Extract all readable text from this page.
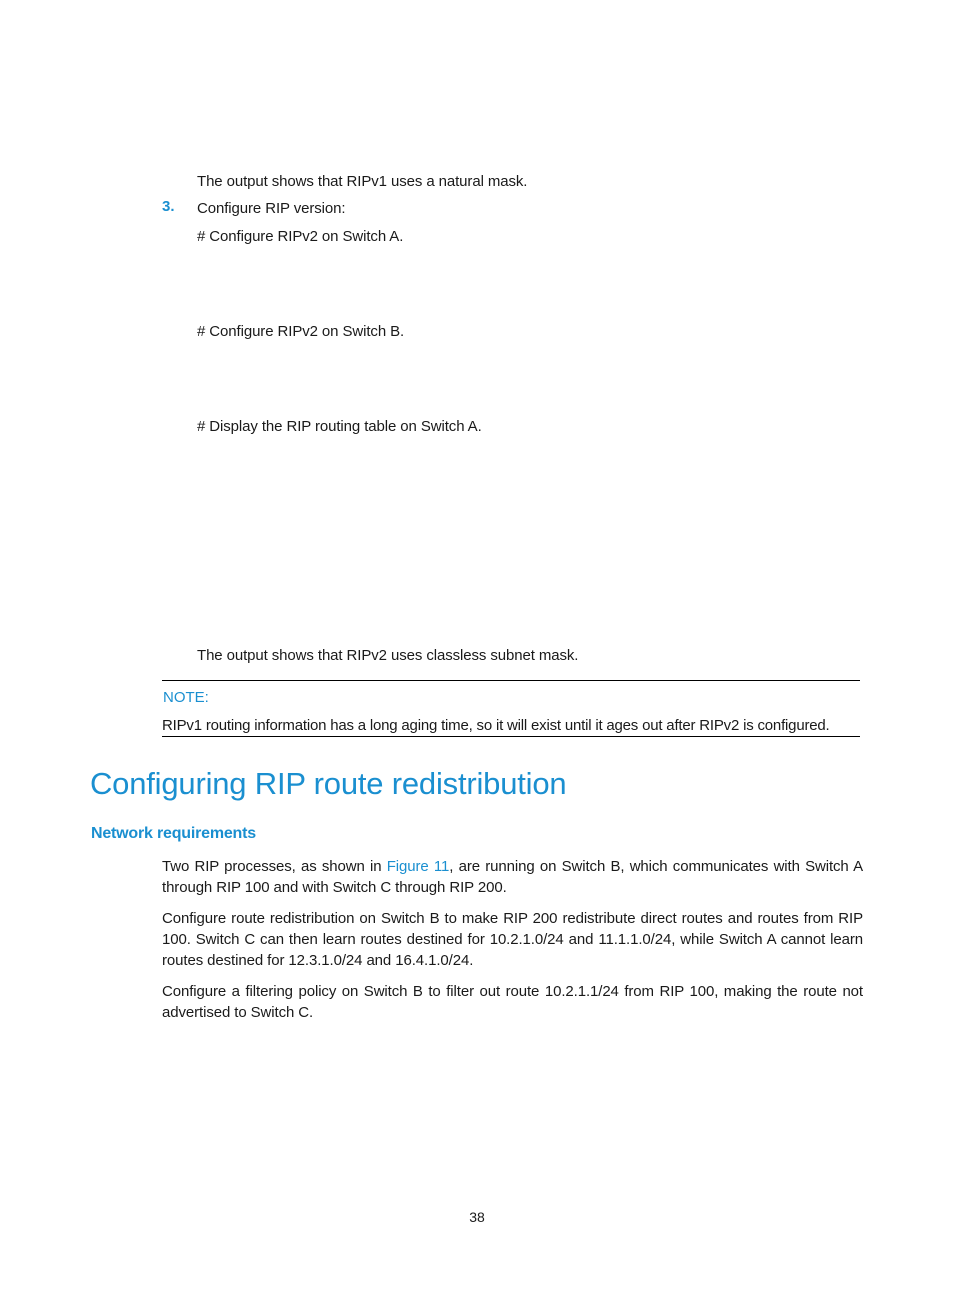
The output shows that RIPv1 uses a natural mask.
3. Configure RIP version:
# Configure RIPv2 on Switch A.
# Configure RIPv2 on Switch B.
# Display the RIP routing table on Switch A.
The output shows that RIPv2 uses classless subnet mask.
NOTE:
RIPv1 routing information has a long aging time, so it will exist until it ages out after RIPv2 is configured.
Configuring RIP route redistribution
Network requirements
Two RIP processes, as shown in Figure 11, are running on Switch B, which communicates with Switch A through RIP 100 and with Switch C through RIP 200.
Configure route redistribution on Switch B to make RIP 200 redistribute direct routes and routes from RIP 100. Switch C can then learn routes destined for 10.2.1.0/24 and 11.1.1.0/24, while Switch A cannot learn routes destined for 12.3.1.0/24 and 16.4.1.0/24.
Configure a filtering policy on Switch B to filter out route 10.2.1.1/24 from RIP 100, making the route not advertised to Switch C.
38
